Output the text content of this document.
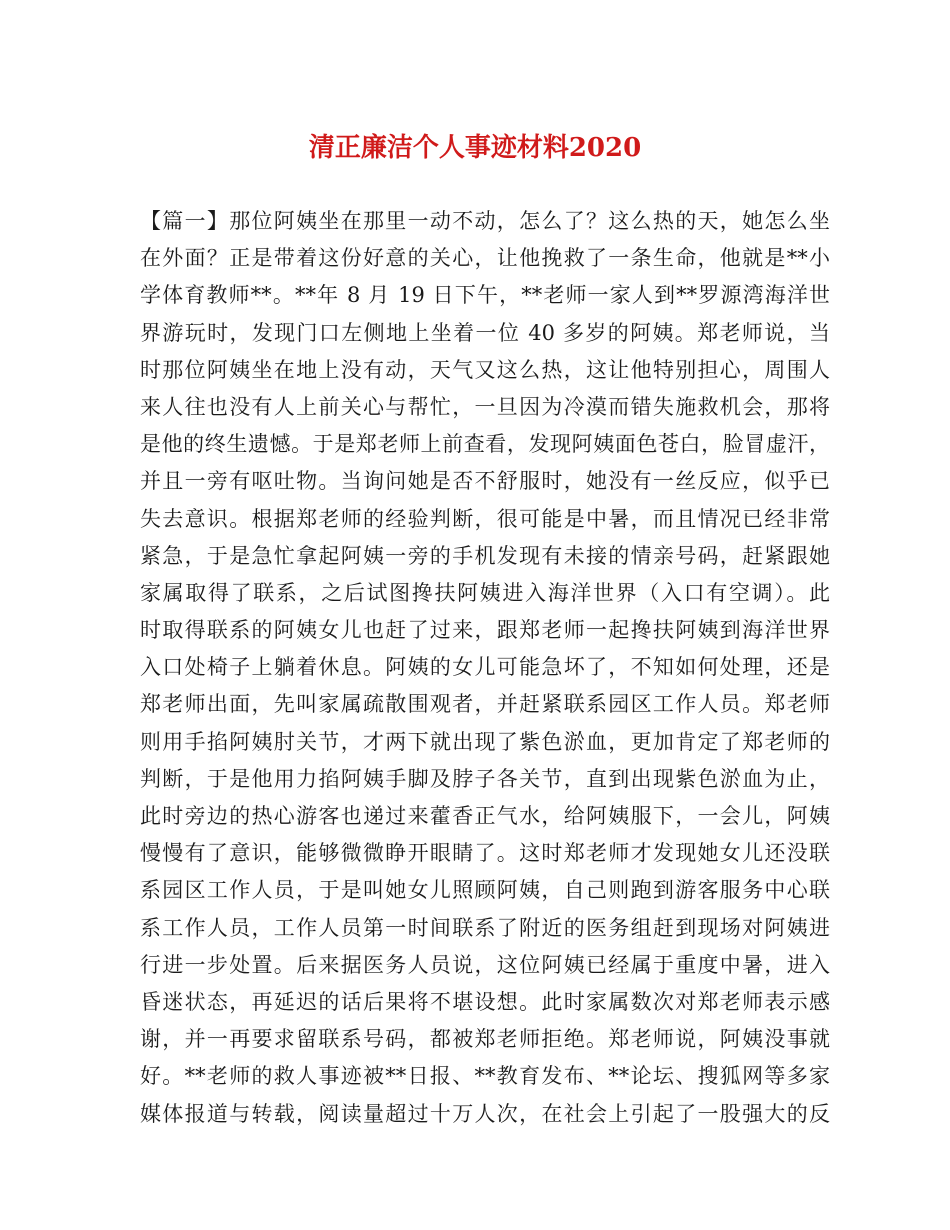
清正廉洁个人事迹材料2020
【篇一】那位阿姨坐在那里一动不动，怎么了？这么热的天，她怎么坐
在外面？正是带着这份好意的关心，让他挽救了一条生命，他就是**小
学体育教师**。**年 8 月 19 日下午，**老师一家人到**罗源湾海洋世
界游玩时，发现门口左侧地上坐着一位 40 多岁的阿姨。郑老师说，当
时那位阿姨坐在地上没有动，天气又这么热，这让他特别担心，周围人
来人往也没有人上前关心与帮忙，一旦因为冷漠而错失施救机会，那将
是他的终生遗憾。于是郑老师上前查看，发现阿姨面色苍白，脸冒虚汗，
并且一旁有呕吐物。当询问她是否不舒服时，她没有一丝反应，似乎已
失去意识。根据郑老师的经验判断，很可能是中暑，而且情况已经非常
紧急，于是急忙拿起阿姨一旁的手机发现有未接的情亲号码，赶紧跟她
家属取得了联系，之后试图搀扶阿姨进入海洋世界（入口有空调）。此
时取得联系的阿姨女儿也赶了过来，跟郑老师一起搀扶阿姨到海洋世界
入口处椅子上躺着休息。阿姨的女儿可能急坏了，不知如何处理，还是
郑老师出面，先叫家属疏散围观者，并赶紧联系园区工作人员。郑老师
则用手掐阿姨肘关节，才两下就出现了紫色淤血，更加肯定了郑老师的
判断，于是他用力掐阿姨手脚及脖子各关节，直到出现紫色淤血为止，
此时旁边的热心游客也递过来藿香正气水，给阿姨服下，一会儿，阿姨
慢慢有了意识，能够微微睁开眼睛了。这时郑老师才发现她女儿还没联
系园区工作人员，于是叫她女儿照顾阿姨，自己则跑到游客服务中心联
系工作人员，工作人员第一时间联系了附近的医务组赶到现场对阿姨进
行进一步处置。后来据医务人员说，这位阿姨已经属于重度中暑，进入
昏迷状态，再延迟的话后果将不堪设想。此时家属数次对郑老师表示感
谢，并一再要求留联系号码，都被郑老师拒绝。郑老师说，阿姨没事就
好。**老师的救人事迹被**日报、**教育发布、**论坛、搜狐网等多家
媒体报道与转载，阅读量超过十万人次，在社会上引起了一股强大的反
